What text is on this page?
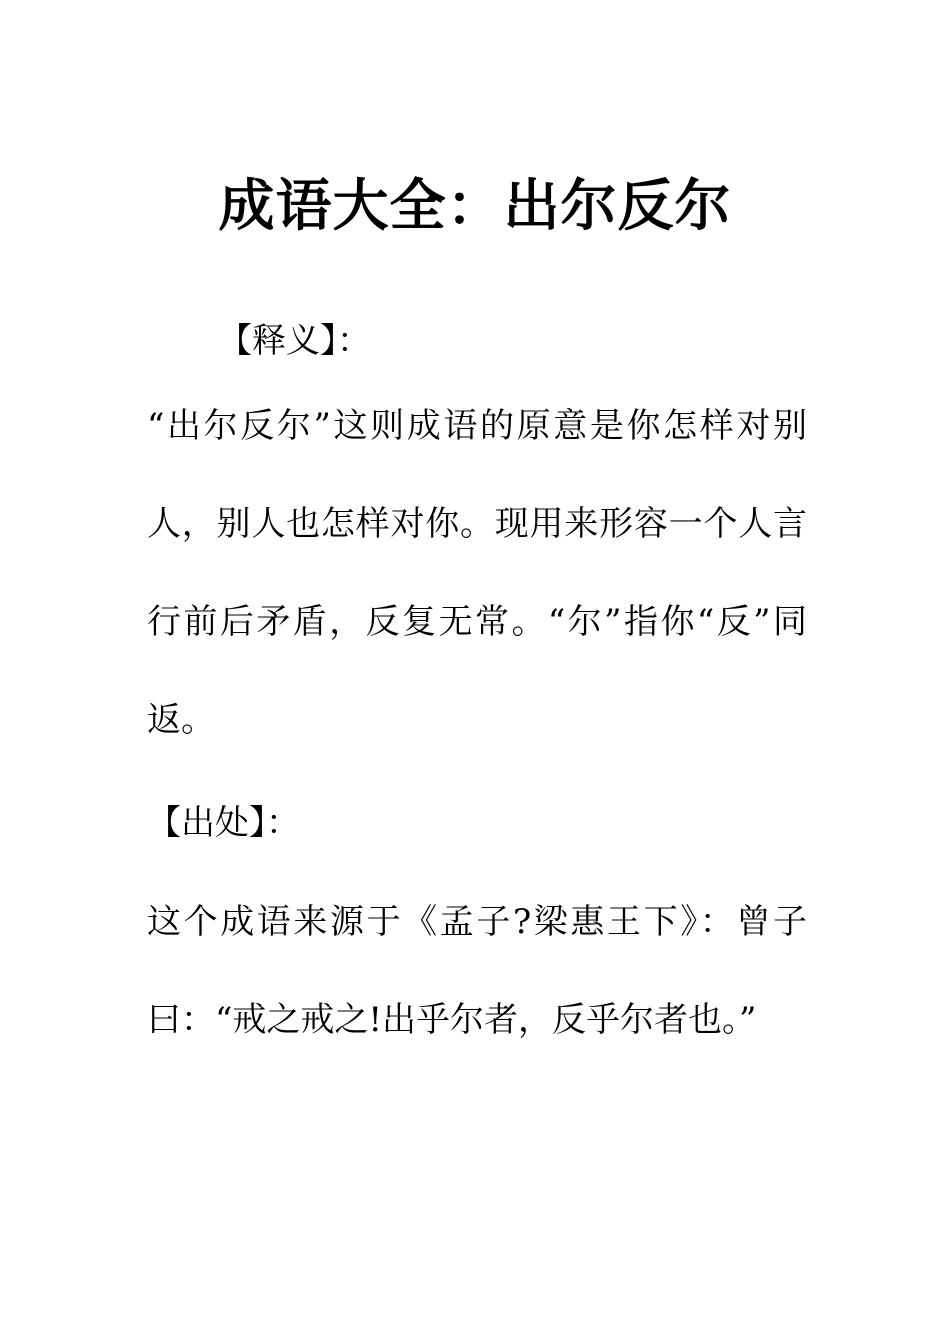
成语大全：出尔反尔

【释义】：

“出尔反尔”这则成语的原意是你怎样对别人，别人也怎样对你。现用来形容一个人言行前后矛盾，反复无常。“尔”指你“反”同返。

【出处】：

这个成语来源于《孟子?梁惠王下》：曾子曰：“戒之戒之!出乎尔者，反乎尔者也。”
